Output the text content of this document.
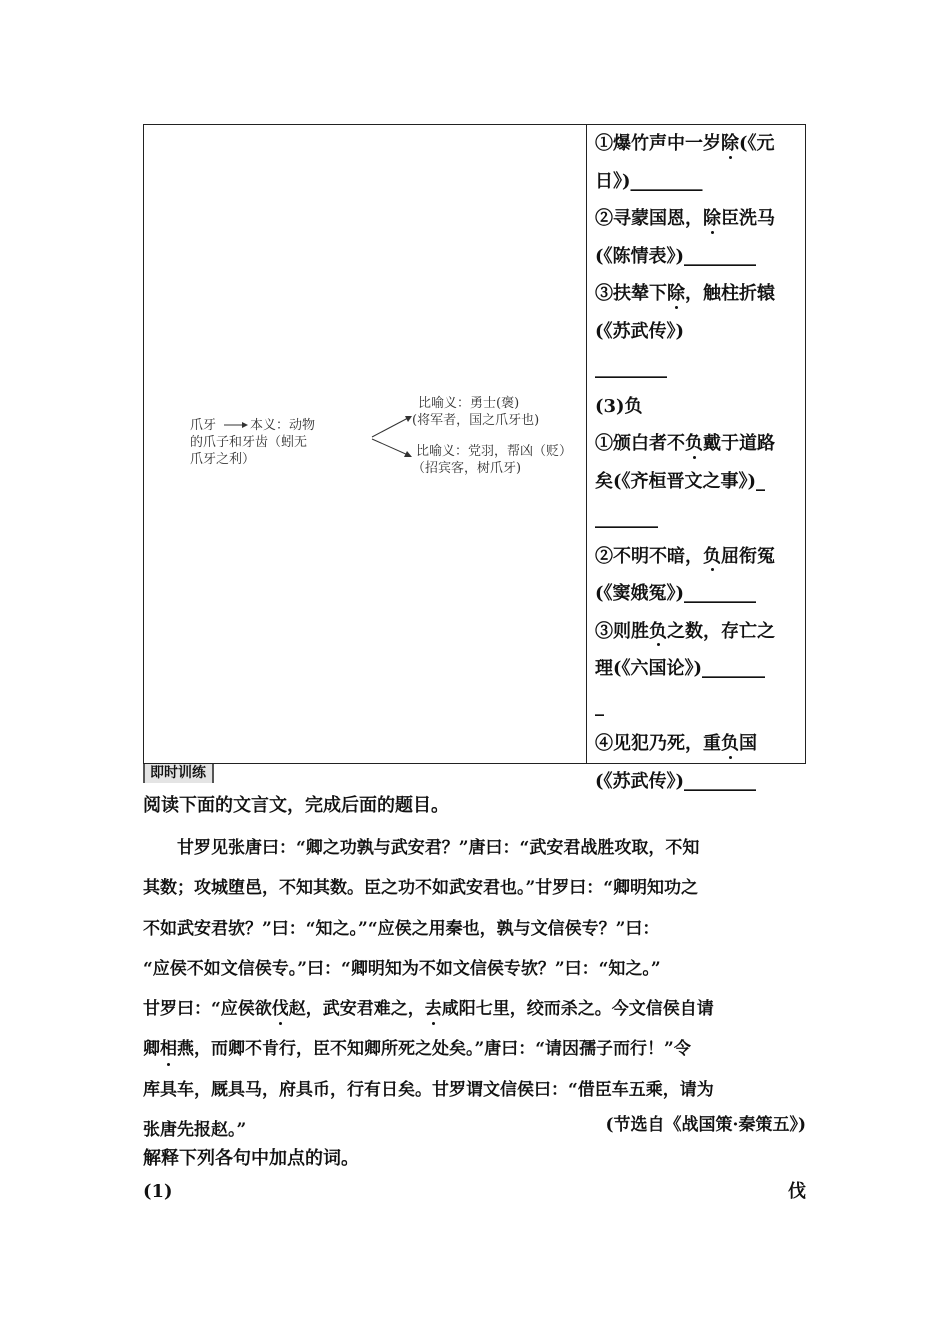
爪牙	本义：动物
的爪子和牙齿（蚓无
爪牙之利）
比喻义：勇士(褒)
(将军者，国之爪牙也)
比喻义：党羽，帮凶（贬）
（招宾客，树爪牙)
①爆竹声中一岁除(《元
日》)________
②寻蒙国恩，除臣洗马
(《陈情表》)________
③扶辇下除，触柱折辕
(《苏武传》)
________
(3)负
①颁白者不负戴于道路
矣(《齐桓晋文之事》)_
_______
②不明不暗，负屈衔冤
(《窦娥冤》)________
③则胜负之数，存亡之
理(《六国论》)_______
_
④见犯乃死，重负国
(《苏武传》)________
即时训练
阅读下面的文言文，完成后面的题目。
甘罗见张唐曰：“卿之功孰与武安君？”唐曰：“武安君战胜攻取，不知
其数；攻城堕邑，不知其数。臣之功不如武安君也。”甘罗曰：“卿明知功之
不如武安君欤？”曰：“知之。”“应侯之用秦也，孰与文信侯专？”曰：
“应侯不如文信侯专。”曰：“卿明知为不如文信侯专欤？”曰：“知之。”
甘罗曰：“应侯欲伐赵，武安君难之，去咸阳七里，绞而杀之。今文信侯自请
卿相燕，而卿不肯行，臣不知卿所死之处矣。”唐曰：“请因孺子而行！”令
库具车，厩具马，府具币，行有日矣。甘罗谓文信侯曰：“借臣车五乘，请为
张唐先报赵。”	(节选自《战国策·秦策五》)
解释下列各句中加点的词。
(1)	伐
